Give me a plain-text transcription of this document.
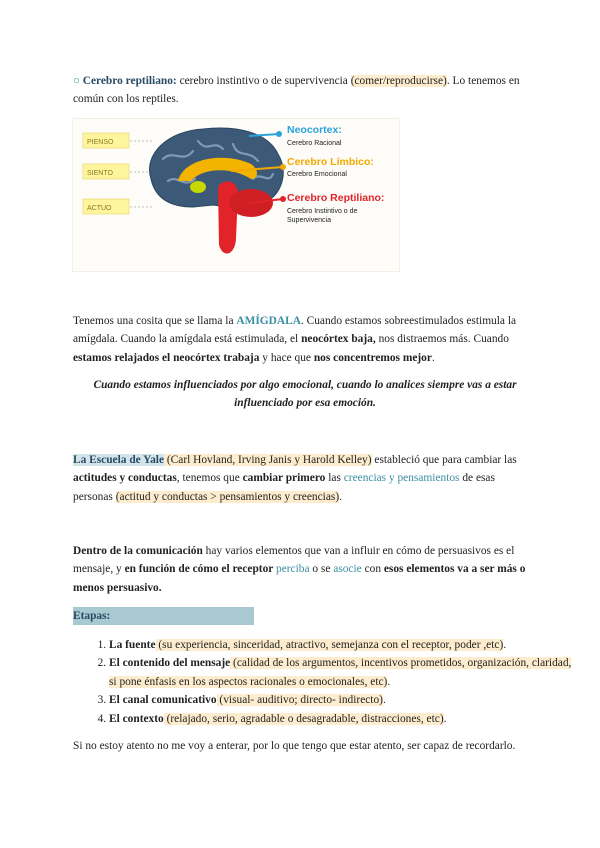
○ Cerebro reptiliano: cerebro instintivo o de supervivencia (comer/reproducirse). Lo tenemos en común con los reptiles.

PIENSO
SIENTO
ACTUO
Neocortex:
Cerebro Racional
Cerebro Límbico:
Cerebro Emocional
Cerebro Reptiliano:
Cerebro Instintivo o de
Supervivencia

Tenemos una cosita que se llama la AMÍGDALA. Cuando estamos sobreestimulados estimula la amígdala. Cuando la amígdala está estimulada, el neocórtex baja, nos distraemos más. Cuando estamos relajados el neocórtex trabaja y hace que nos concentremos mejor.

Cuando estamos influenciados por algo emocional, cuando lo analices siempre vas a estar influenciado por esa emoción.

La Escuela de Yale (Carl Hovland, Irving Janis y Harold Kelley) estableció que para cambiar las actitudes y conductas, tenemos que cambiar primero las creencias y pensamientos de esas personas (actitud y conductas > pensamientos y creencias).

Dentro de la comunicación hay varios elementos que van a influir en cómo de persuasivos es el mensaje, y en función de cómo el receptor perciba o se asocie con esos elementos va a ser más o menos persuasivo.

Etapas:

1. La fuente (su experiencia, sinceridad, atractivo, semejanza con el receptor, poder ,etc).
2. El contenido del mensaje (calidad de los argumentos, incentivos prometidos, organización, claridad, si pone énfasis en los aspectos racionales o emocionales, etc).
3. El canal comunicativo (visual- auditivo; directo- indirecto).
4. El contexto (relajado, serio, agradable o desagradable, distracciones, etc).

Si no estoy atento no me voy a enterar, por lo que tengo que estar atento, ser capaz de recordarlo.
